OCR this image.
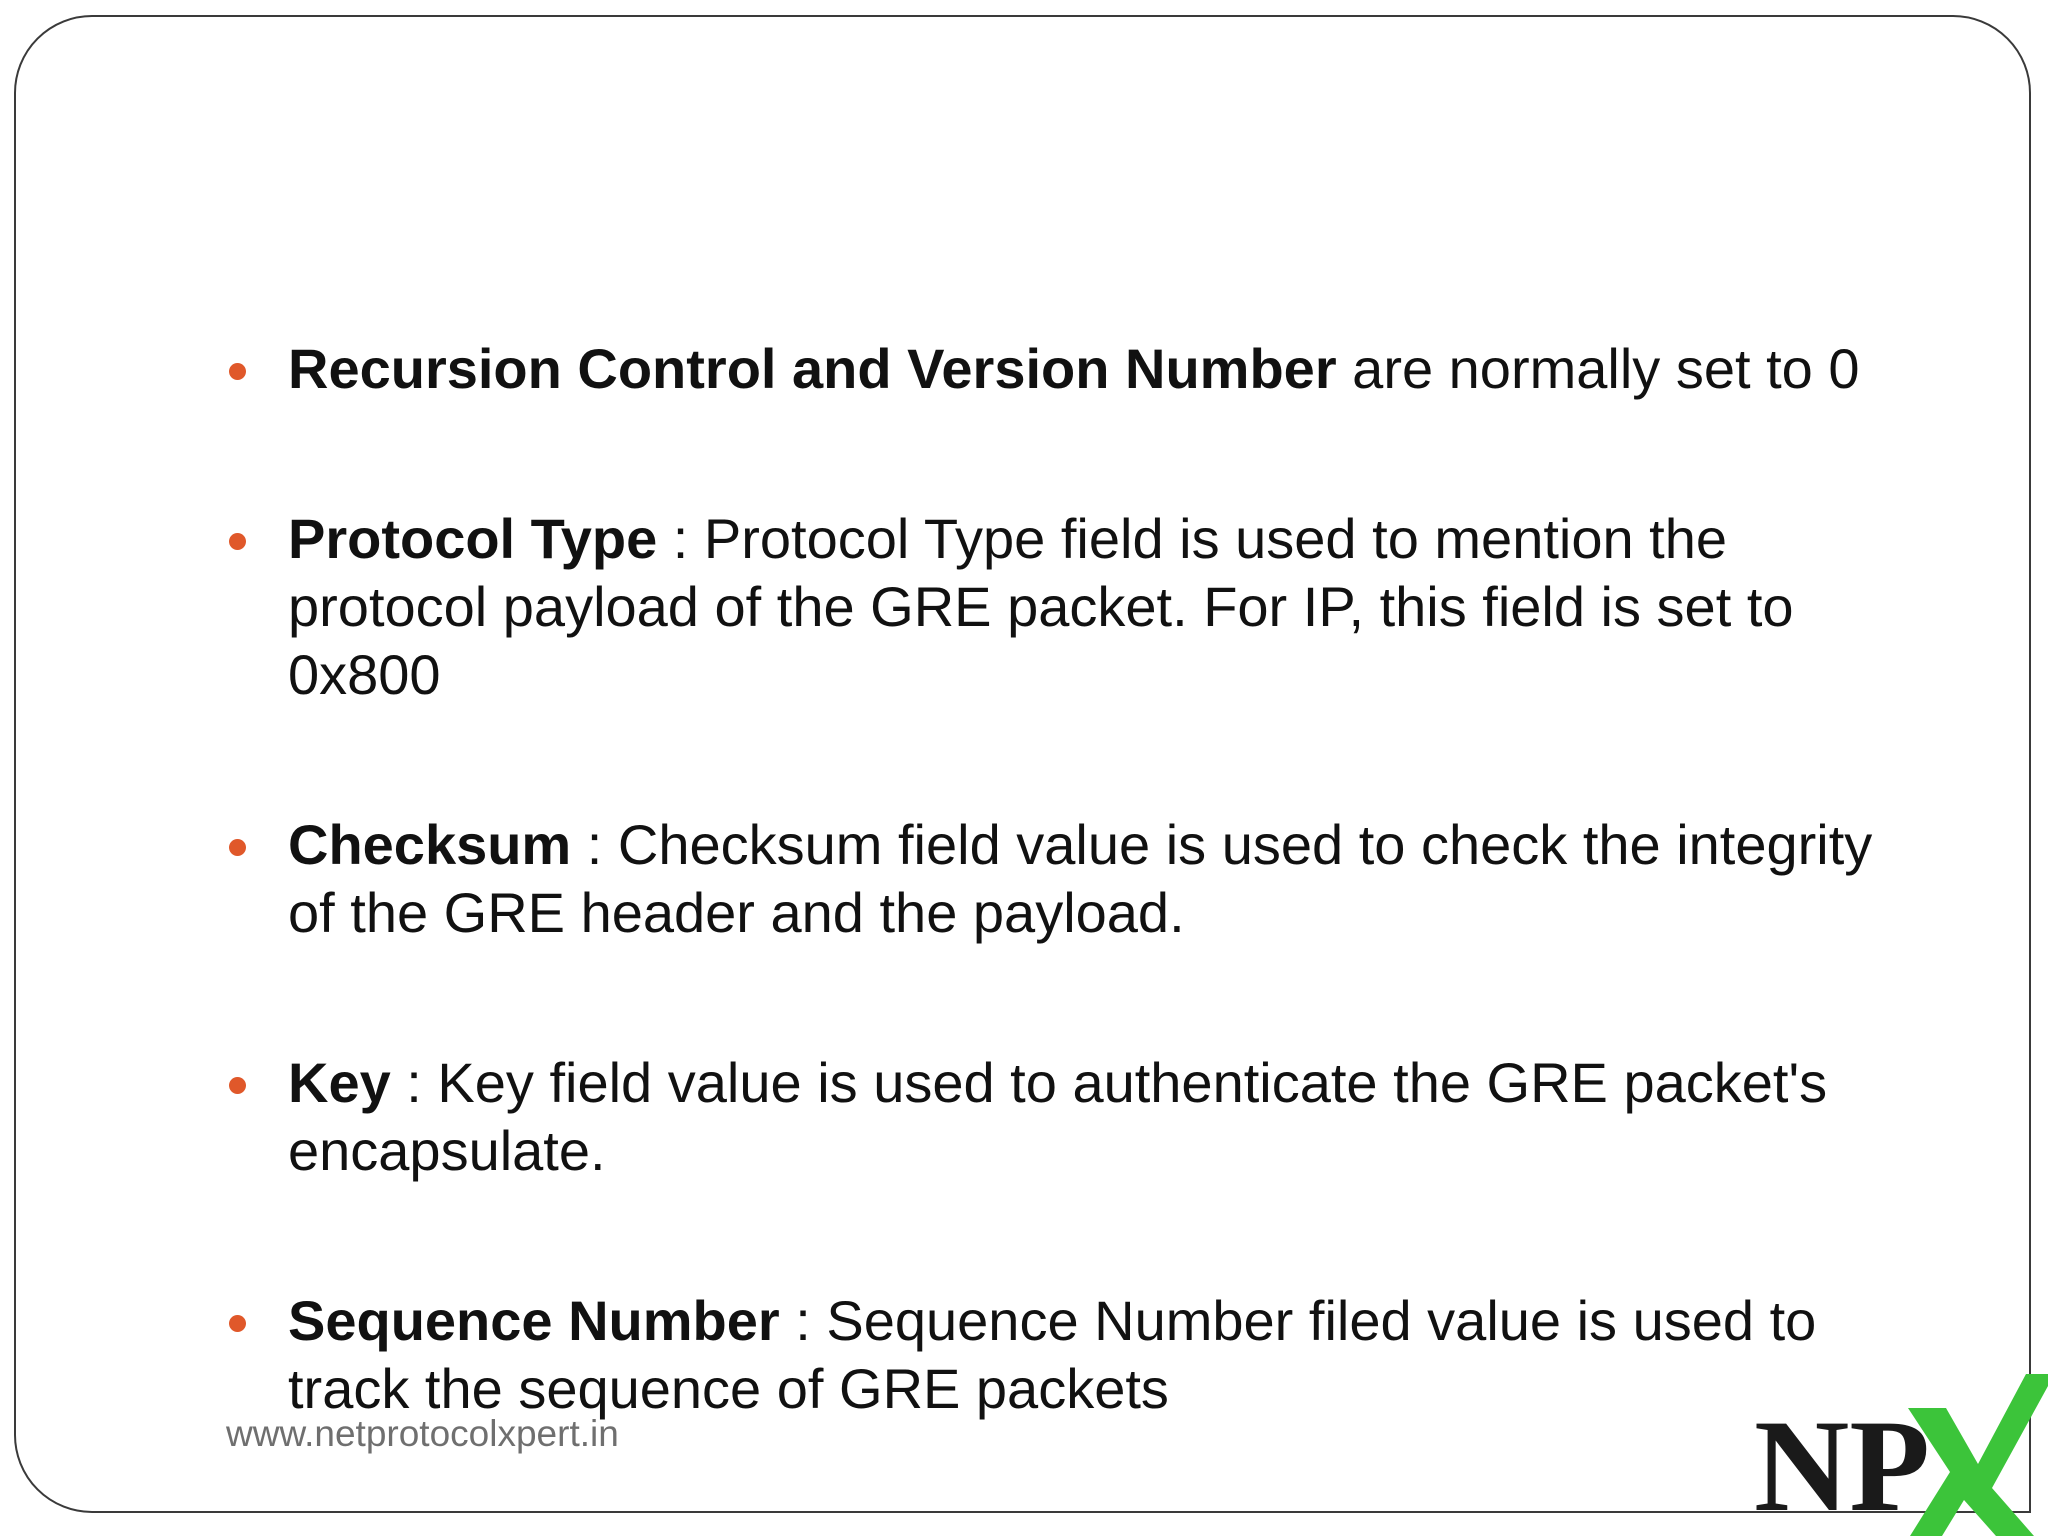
Recursion Control and Version Number are normally set to 0
Protocol Type : Protocol Type field is used to mention the protocol payload of the GRE packet. For IP, this field is set to 0x800
Checksum : Checksum field value is used to check the integrity of the GRE header and the payload.
Key : Key field value is used to authenticate the GRE packet's encapsulate.
Sequence Number : Sequence Number filed value is used to track the sequence of GRE packets
www.netprotocolxpert.in	NP
